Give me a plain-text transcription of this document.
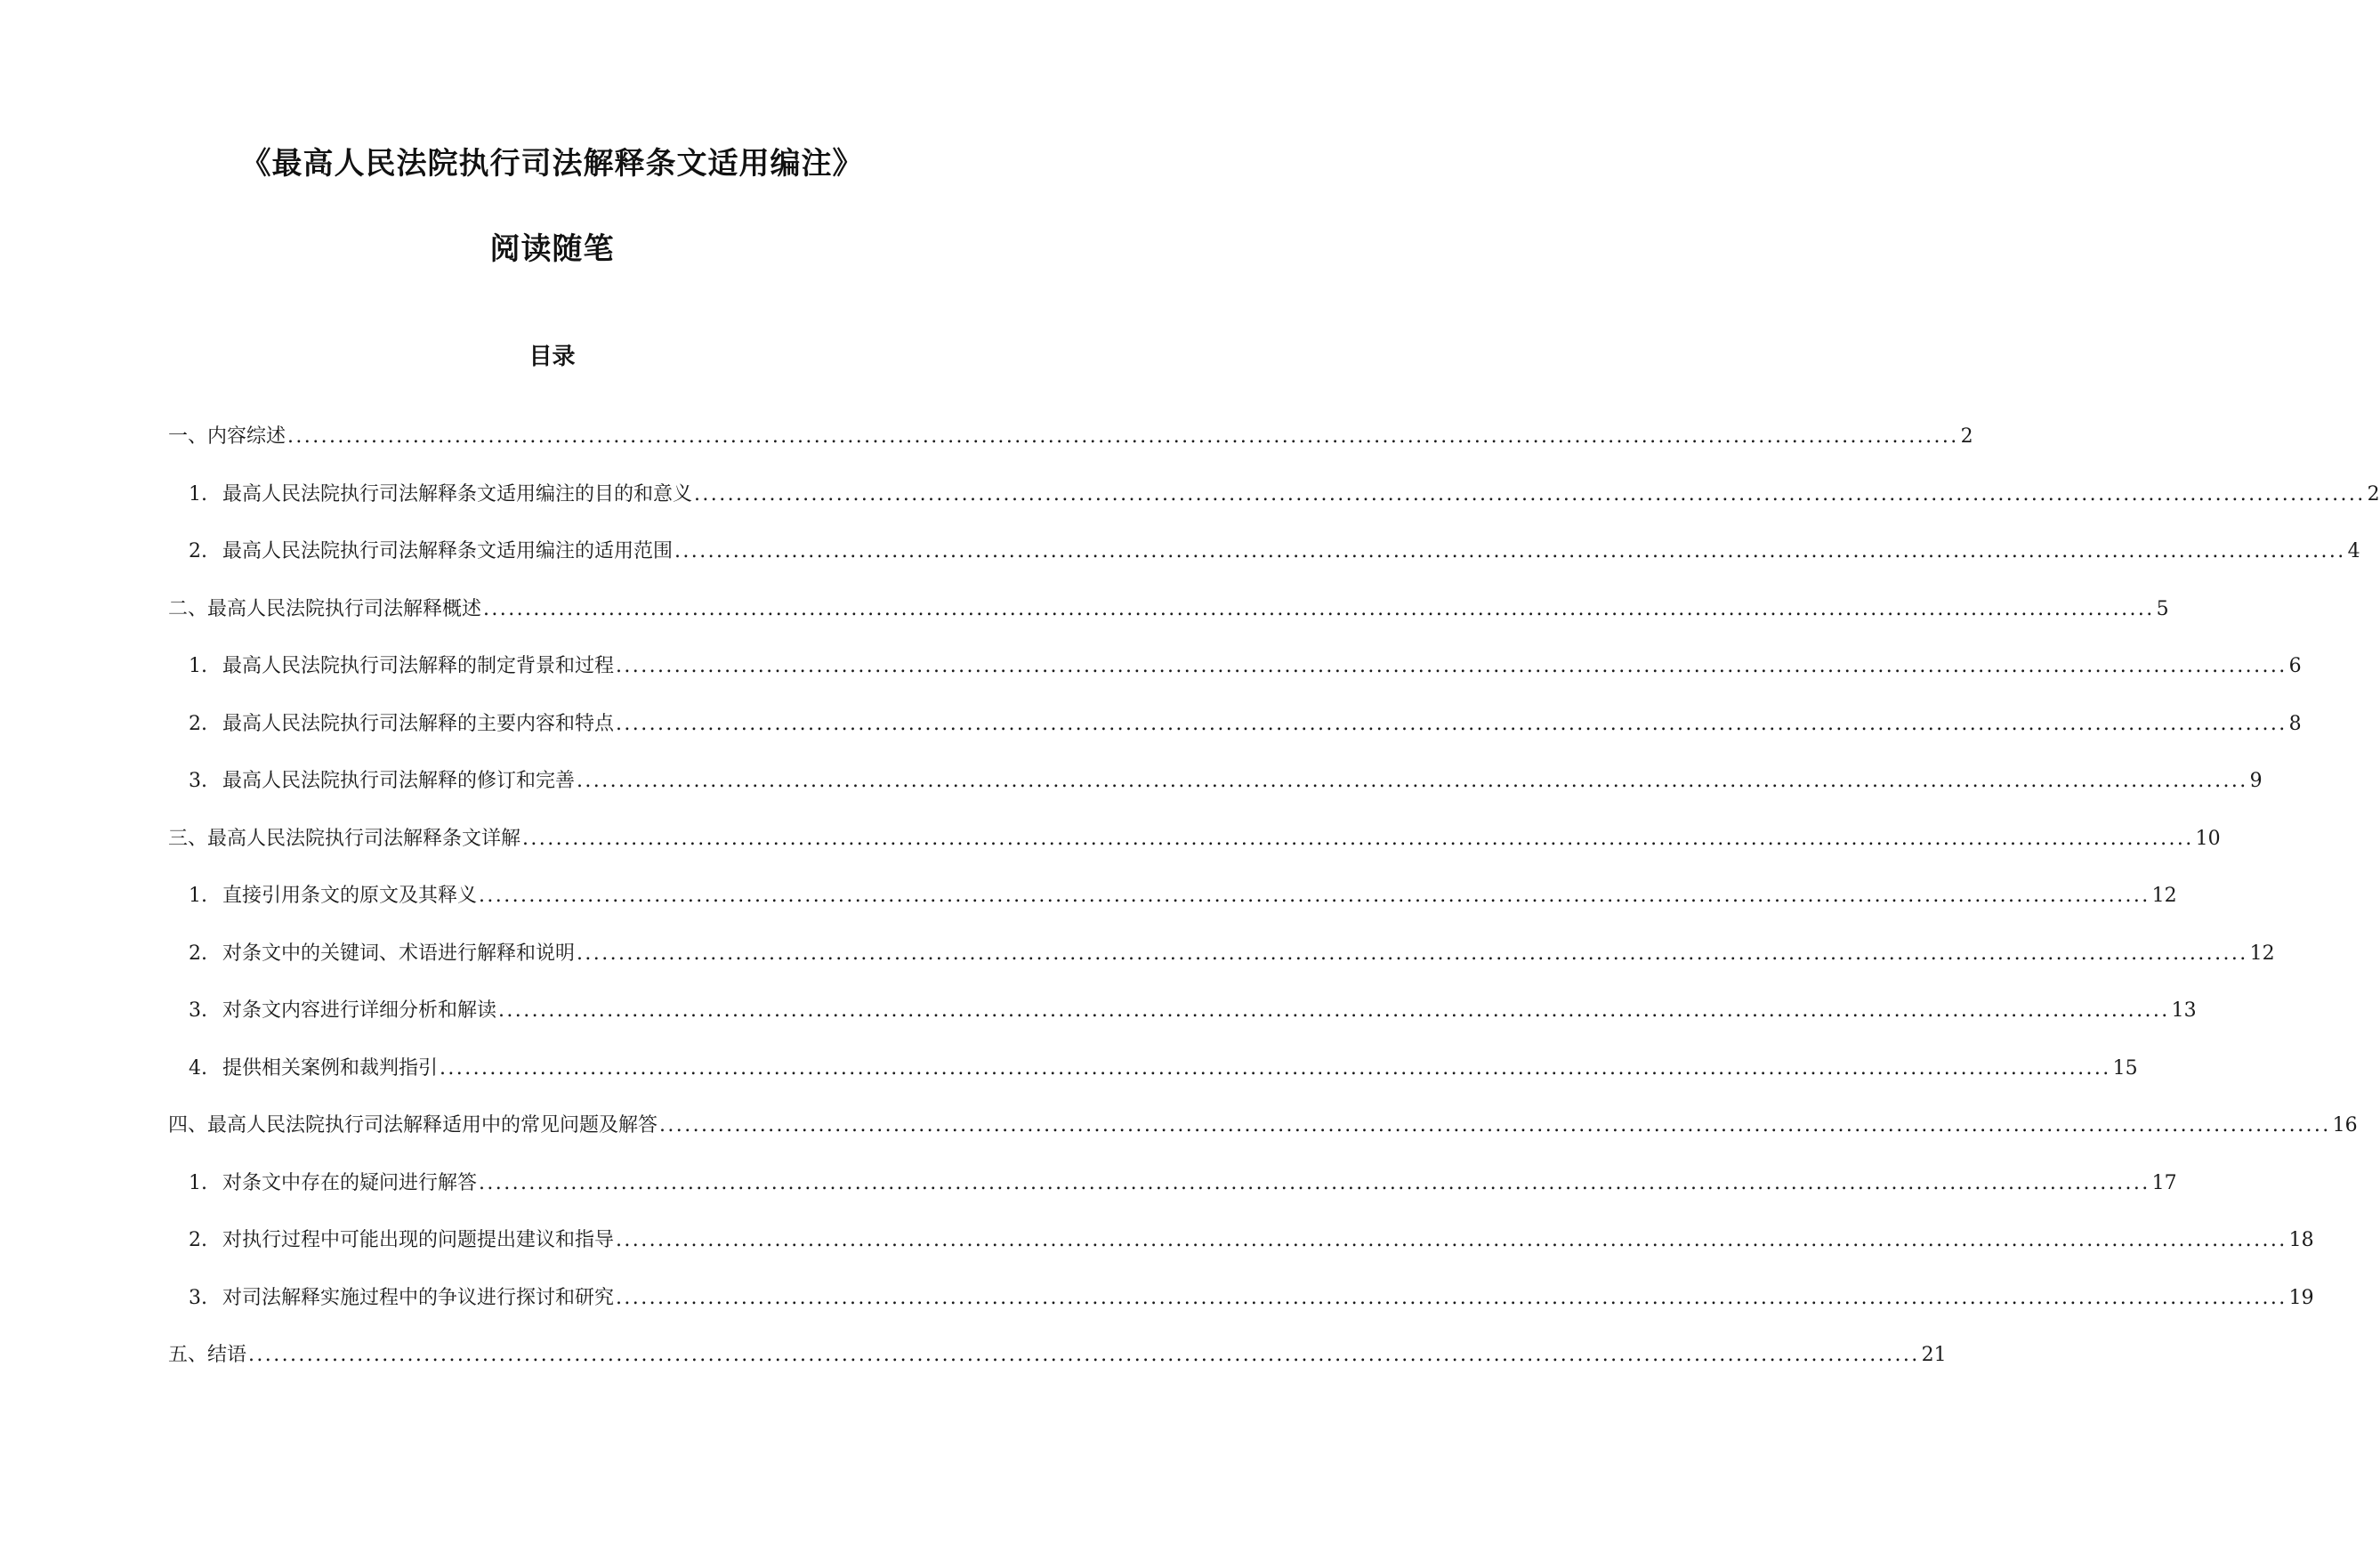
《最高人民法院执行司法解释条文适用编注》
阅读随笔
目录
一、内容综述 ........................................................................................................................................................................................................ 2
1. 最高人民法院执行司法解释条文适用编注的目的和意义 ........................................................................................................................................................................................................ 2
2. 最高人民法院执行司法解释条文适用编注的适用范围 ........................................................................................................................................................................................................ 4
二、最高人民法院执行司法解释概述 ........................................................................................................................................................................................................ 5
1. 最高人民法院执行司法解释的制定背景和过程 ........................................................................................................................................................................................................ 6
2. 最高人民法院执行司法解释的主要内容和特点 ........................................................................................................................................................................................................ 8
3. 最高人民法院执行司法解释的修订和完善 ........................................................................................................................................................................................................ 9
三、最高人民法院执行司法解释条文详解 ........................................................................................................................................................................................................ 10
1. 直接引用条文的原文及其释义 ........................................................................................................................................................................................................ 12
2. 对条文中的关键词、术语进行解释和说明 ........................................................................................................................................................................................................ 12
3. 对条文内容进行详细分析和解读 ........................................................................................................................................................................................................ 13
4. 提供相关案例和裁判指引 ........................................................................................................................................................................................................ 15
四、最高人民法院执行司法解释适用中的常见问题及解答 ........................................................................................................................................................................................................ 16
1. 对条文中存在的疑问进行解答 ........................................................................................................................................................................................................ 17
2. 对执行过程中可能出现的问题提出建议和指导 ........................................................................................................................................................................................................ 18
3. 对司法解释实施过程中的争议进行探讨和研究 ........................................................................................................................................................................................................ 19
五、结语 ........................................................................................................................................................................................................ 21
